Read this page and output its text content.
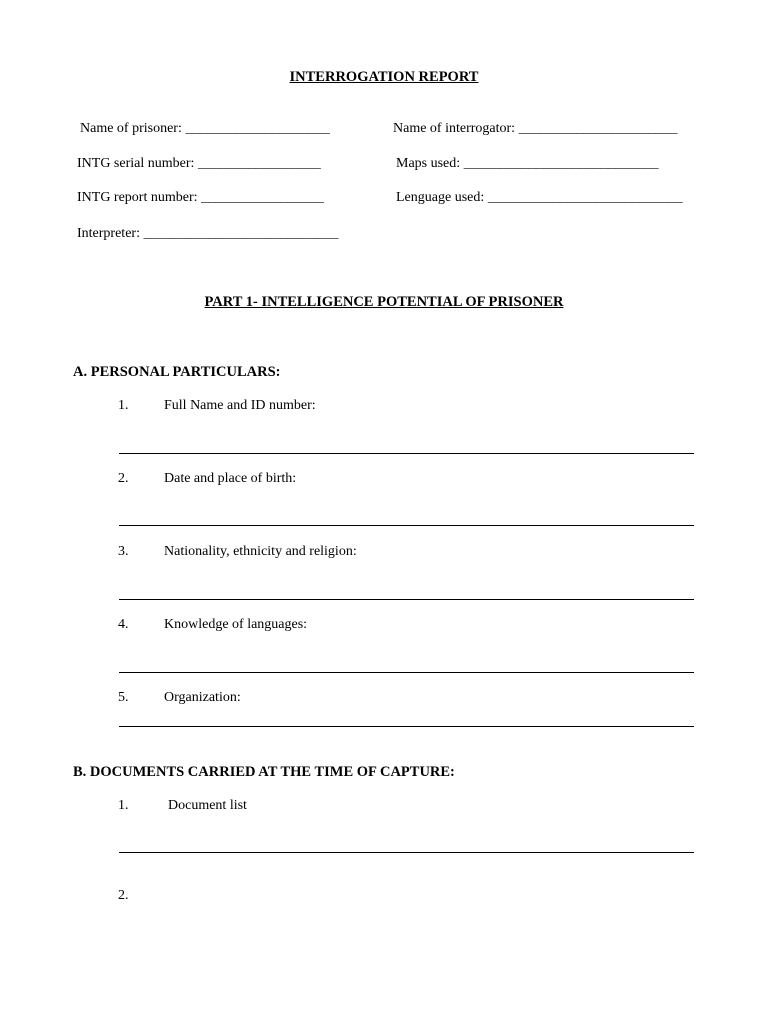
INTERROGATION REPORT
Name of prisoner: ____________________	Name of interrogator: ______________________
INTG serial number: _________________	Maps used: ___________________________
INTG report number: _________________	Lenguage used: ___________________________
Interpreter: ___________________________
PART 1- INTELLIGENCE POTENTIAL OF PRISONER
A. PERSONAL PARTICULARS:
1.	Full Name and ID number:
2.	Date and place of birth:
3.	Nationality, ethnicity and religion:
4.	Knowledge of languages:
5.	Organization:
B. DOCUMENTS CARRIED AT THE TIME OF CAPTURE:
1.	Document list
2.
